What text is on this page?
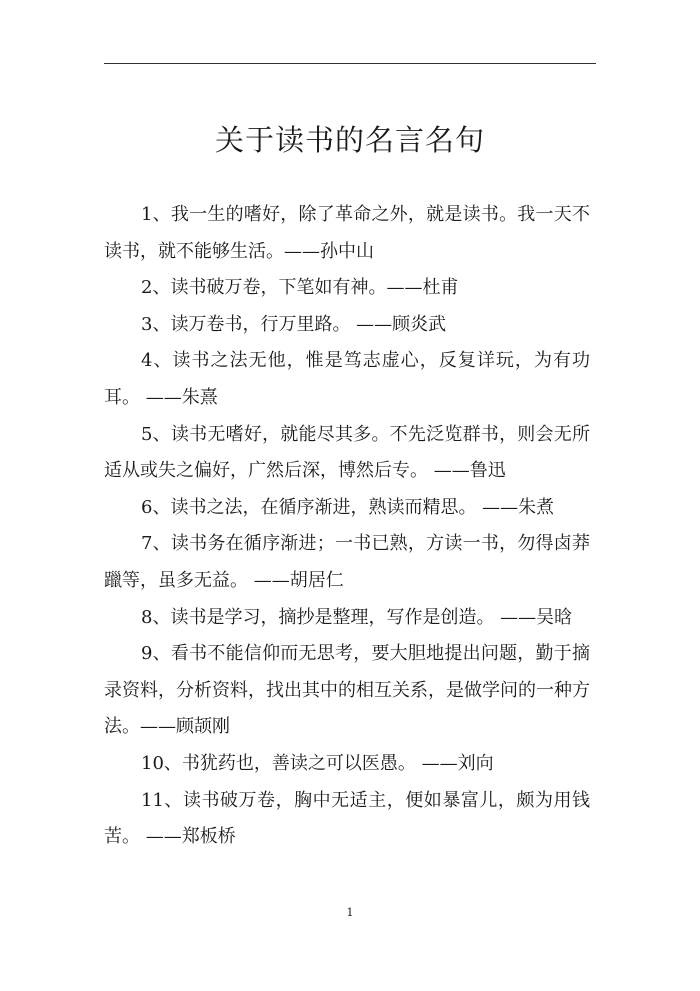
关于读书的名言名句
1、我一生的嗜好，除了革命之外，就是读书。我一天不读书，就不能够生活。——孙中山
2、读书破万卷，下笔如有神。——杜甫
3、读万卷书，行万里路。 ——顾炎武
4、读书之法无他，惟是笃志虚心，反复详玩，为有功耳。 ——朱熹
5、读书无嗜好，就能尽其多。不先泛览群书，则会无所适从或失之偏好，广然后深，博然后专。 ——鲁迅
6、读书之法，在循序渐进，熟读而精思。 ——朱煮
7、读书务在循序渐进；一书已熟，方读一书，勿得卤莽躐等，虽多无益。 ——胡居仁
8、读书是学习，摘抄是整理，写作是创造。 ——吴晗
9、看书不能信仰而无思考，要大胆地提出问题，勤于摘录资料，分析资料，找出其中的相互关系，是做学问的一种方法。——顾颉刚
10、书犹药也，善读之可以医愚。 ——刘向
11、读书破万卷，胸中无适主，便如暴富儿，颇为用钱苦。 ——郑板桥
1
